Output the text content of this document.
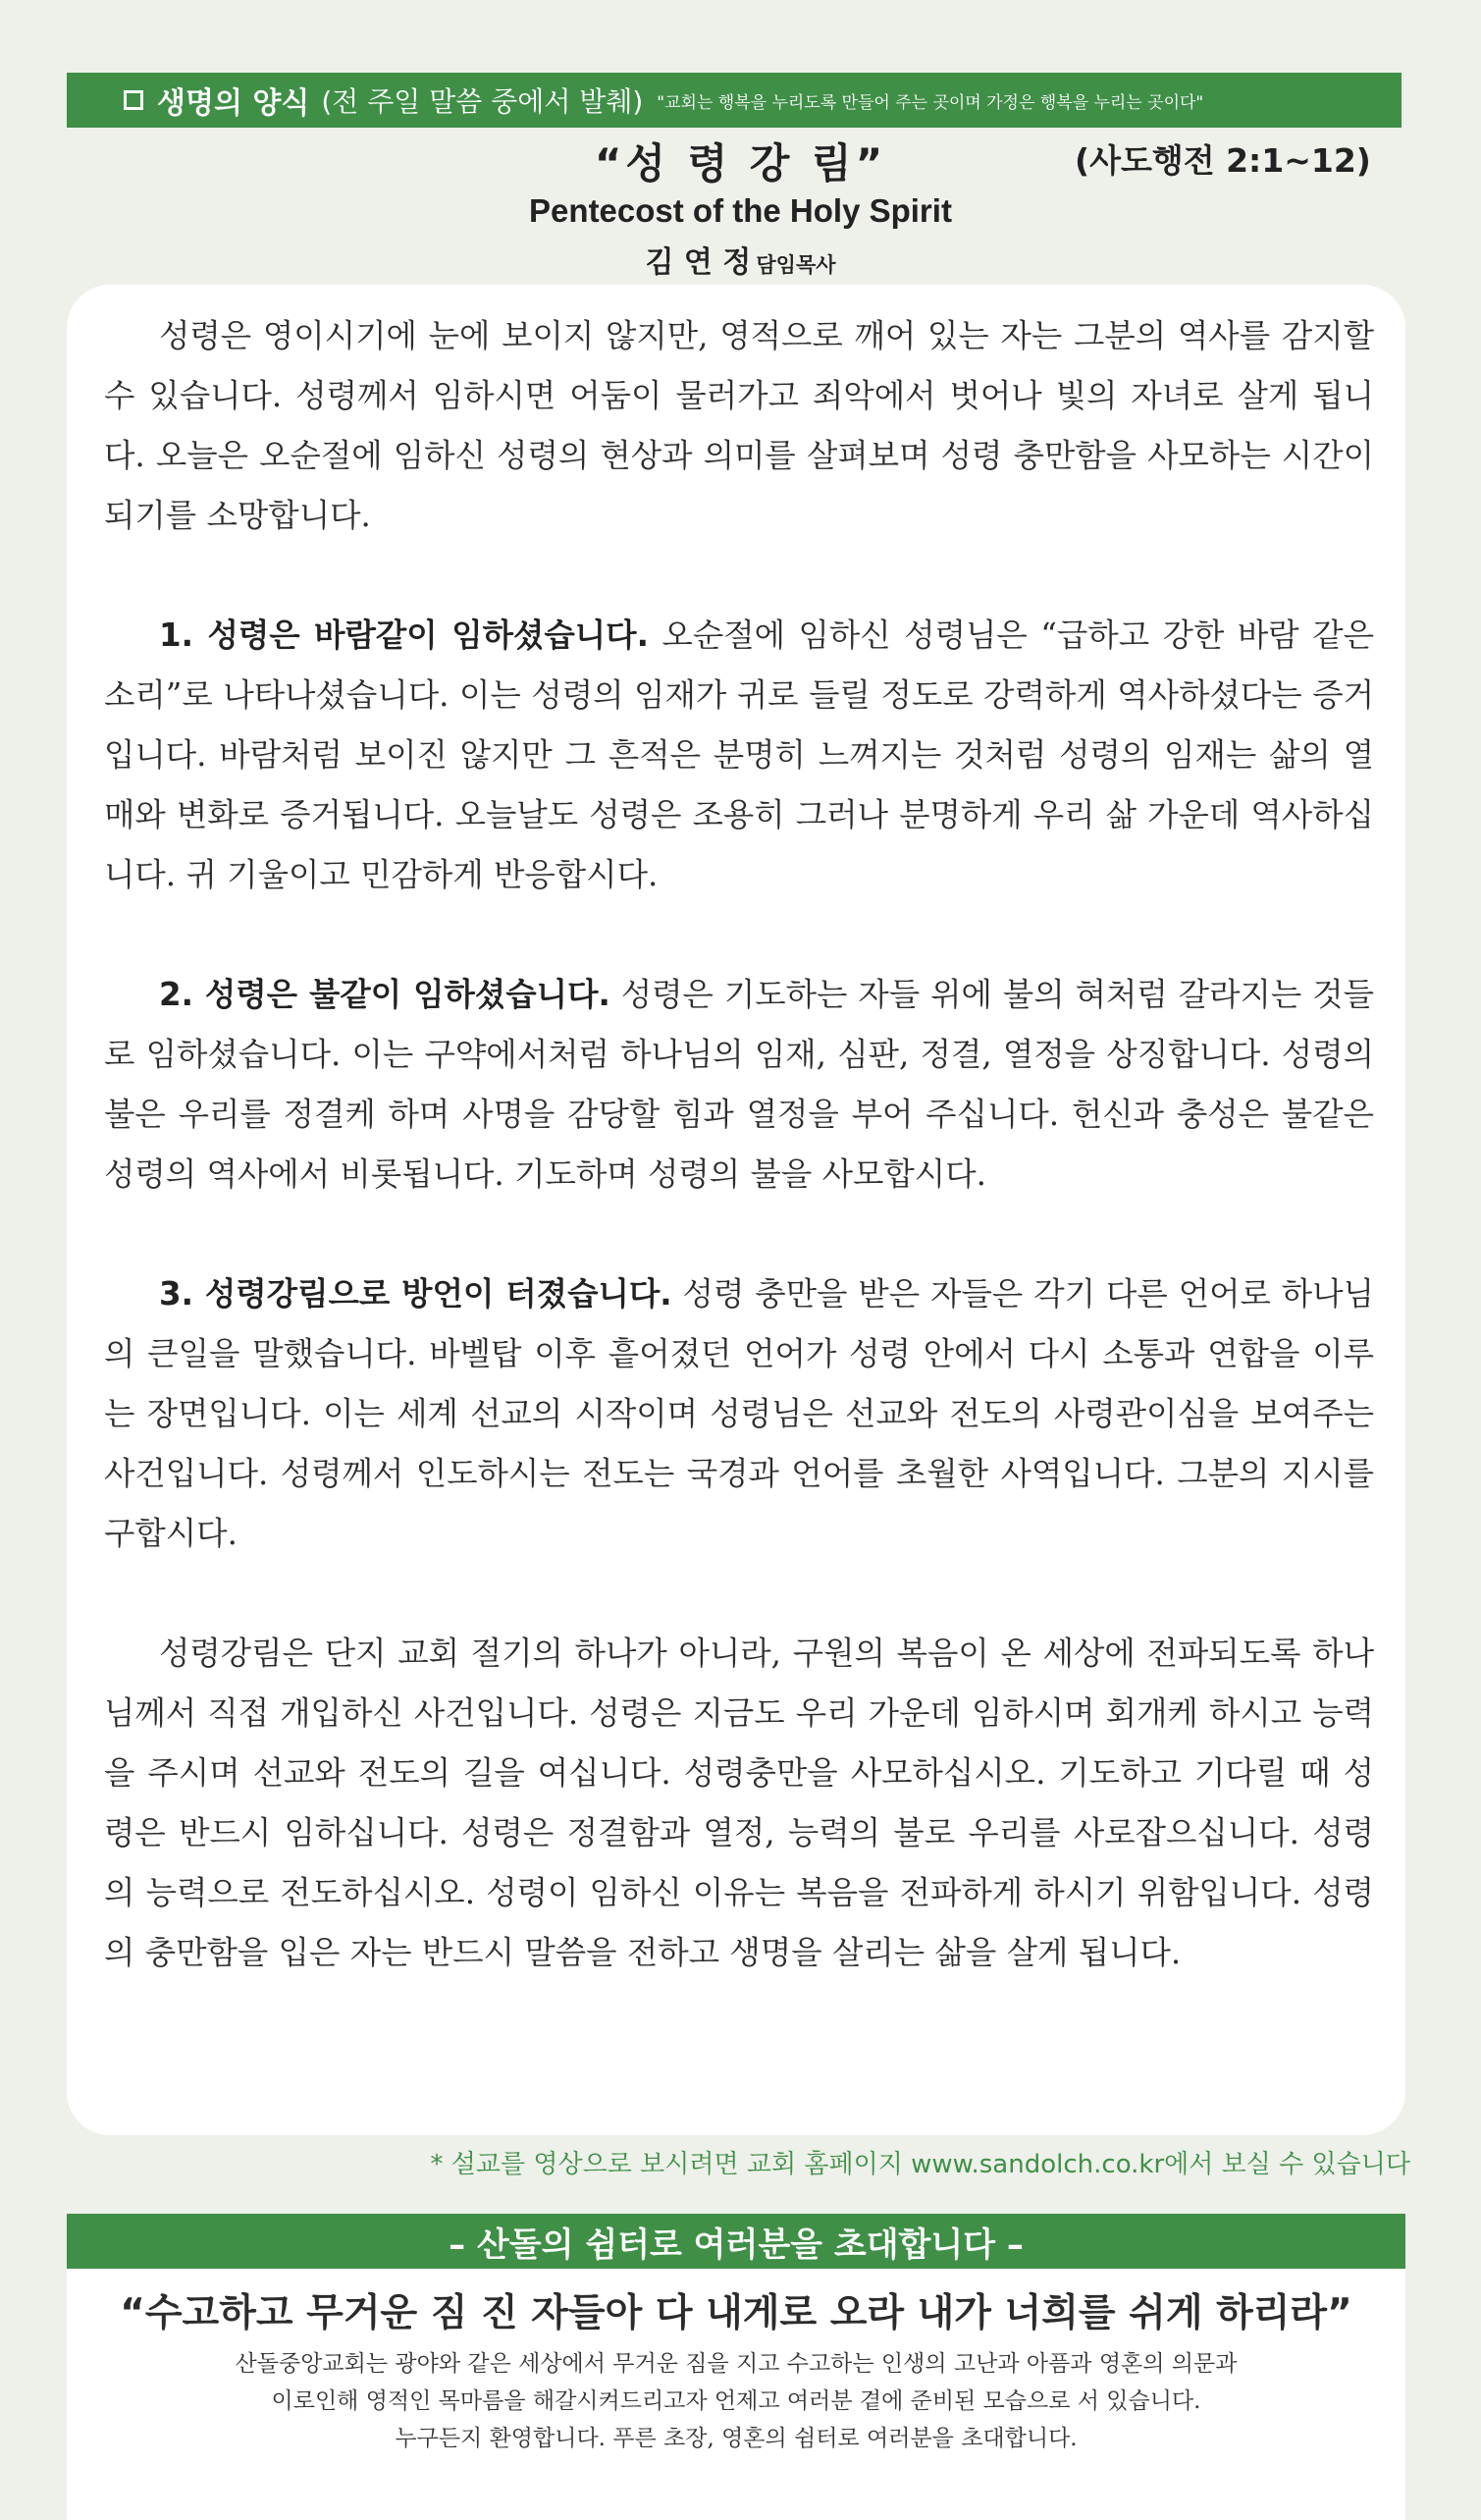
생명의 양식 (전 주일 말씀 중에서 발췌) "교회는 행복을 누리도록 만들어 주는 곳이며 가정은 행복을 누리는 곳이다"
“성 령 강 림”	(사도행전 2:1~12)
Pentecost of the Holy Spirit
김 연 정 담임목사

성령은 영이시기에 눈에 보이지 않지만, 영적으로 깨어 있는 자는 그분의 역사를 감지할 수 있습니다. 성령께서 임하시면 어둠이 물러가고 죄악에서 벗어나 빛의 자녀로 살게 됩니다. 오늘은 오순절에 임하신 성령의 현상과 의미를 살펴보며 성령 충만함을 사모하는 시간이 되기를 소망합니다.

1. 성령은 바람같이 임하셨습니다. 오순절에 임하신 성령님은 “급하고 강한 바람 같은 소리”로 나타나셨습니다. 이는 성령의 임재가 귀로 들릴 정도로 강력하게 역사하셨다는 증거입니다. 바람처럼 보이진 않지만 그 흔적은 분명히 느껴지는 것처럼 성령의 임재는 삶의 열매와 변화로 증거됩니다. 오늘날도 성령은 조용히 그러나 분명하게 우리 삶 가운데 역사하십니다. 귀 기울이고 민감하게 반응합시다.

2. 성령은 불같이 임하셨습니다. 성령은 기도하는 자들 위에 불의 혀처럼 갈라지는 것들로 임하셨습니다. 이는 구약에서처럼 하나님의 임재, 심판, 정결, 열정을 상징합니다. 성령의 불은 우리를 정결케 하며 사명을 감당할 힘과 열정을 부어 주십니다. 헌신과 충성은 불같은 성령의 역사에서 비롯됩니다. 기도하며 성령의 불을 사모합시다.

3. 성령강림으로 방언이 터졌습니다. 성령 충만을 받은 자들은 각기 다른 언어로 하나님의 큰일을 말했습니다. 바벨탑 이후 흩어졌던 언어가 성령 안에서 다시 소통과 연합을 이루는 장면입니다. 이는 세계 선교의 시작이며 성령님은 선교와 전도의 사령관이심을 보여주는 사건입니다. 성령께서 인도하시는 전도는 국경과 언어를 초월한 사역입니다. 그분의 지시를 구합시다.

성령강림은 단지 교회 절기의 하나가 아니라, 구원의 복음이 온 세상에 전파되도록 하나님께서 직접 개입하신 사건입니다. 성령은 지금도 우리 가운데 임하시며 회개케 하시고 능력을 주시며 선교와 전도의 길을 여십니다. 성령충만을 사모하십시오. 기도하고 기다릴 때 성령은 반드시 임하십니다. 성령은 정결함과 열정, 능력의 불로 우리를 사로잡으십니다. 성령의 능력으로 전도하십시오. 성령이 임하신 이유는 복음을 전파하게 하시기 위함입니다. 성령의 충만함을 입은 자는 반드시 말씀을 전하고 생명을 살리는 삶을 살게 됩니다.

* 설교를 영상으로 보시려면 교회 홈페이지 www.sandolch.co.kr에서 보실 수 있습니다
– 산돌의 쉼터로 여러분을 초대합니다 –

“수고하고 무거운 짐 진 자들아 다 내게로 오라 내가 너희를 쉬게 하리라”

산돌중앙교회는 광야와 같은 세상에서 무거운 짐을 지고 수고하는 인생의 고난과 아픔과 영혼의 의문과

이로인해 영적인 목마름을 해갈시켜드리고자 언제고 여러분 곁에 준비된 모습으로 서 있습니다.

누구든지 환영합니다. 푸른 초장, 영혼의 쉼터로 여러분을 초대합니다.
